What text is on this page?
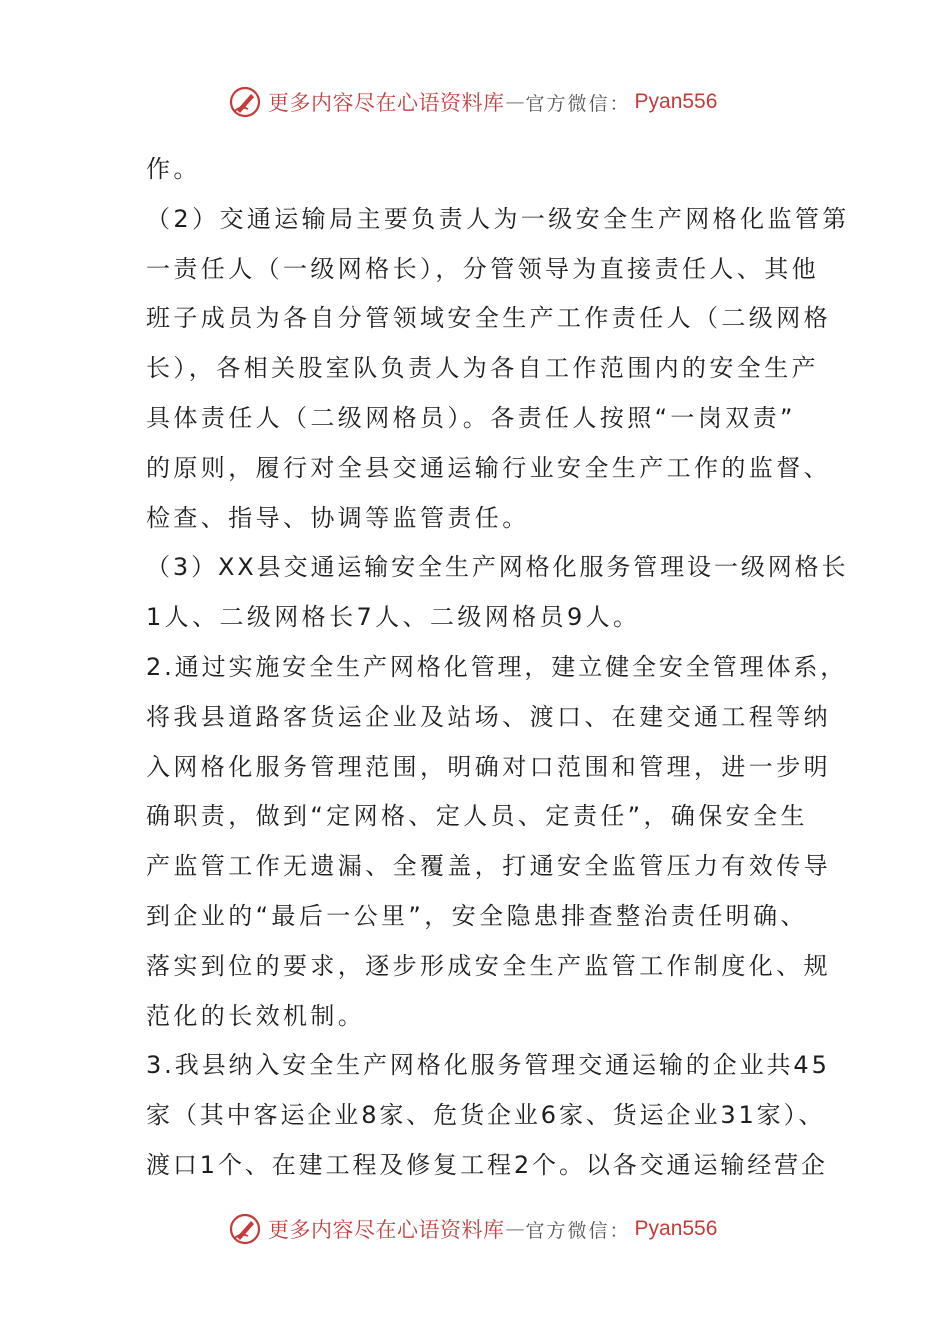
更多内容尽在心语资料库 — 官方微信： Pyan556
作。
（2）交通运输局主要负责人为一级安全生产网格化监管第
一责任人（一级网格长），分管领导为直接责任人、其他
班子成员为各自分管领域安全生产工作责任人（二级网格
长），各相关股室队负责人为各自工作范围内的安全生产
具体责任人（二级网格员）。各责任人按照“一岗双责”
的原则，履行对全县交通运输行业安全生产工作的监督、
检查、指导、协调等监管责任。
（3）XX县交通运输安全生产网格化服务管理设一级网格长
1人、二级网格长7人、二级网格员9人。
2.通过实施安全生产网格化管理，建立健全安全管理体系，
将我县道路客货运企业及站场、渡口、在建交通工程等纳
入网格化服务管理范围，明确对口范围和管理，进一步明
确职责，做到“定网格、定人员、定责任”，确保安全生
产监管工作无遗漏、全覆盖，打通安全监管压力有效传导
到企业的“最后一公里”，安全隐患排查整治责任明确、
落实到位的要求，逐步形成安全生产监管工作制度化、规
范化的长效机制。
3.我县纳入安全生产网格化服务管理交通运输的企业共45
家（其中客运企业8家、危货企业6家、货运企业31家）、
渡口1个、在建工程及修复工程2个。以各交通运输经营企
更多内容尽在心语资料库 — 官方微信： Pyan556
